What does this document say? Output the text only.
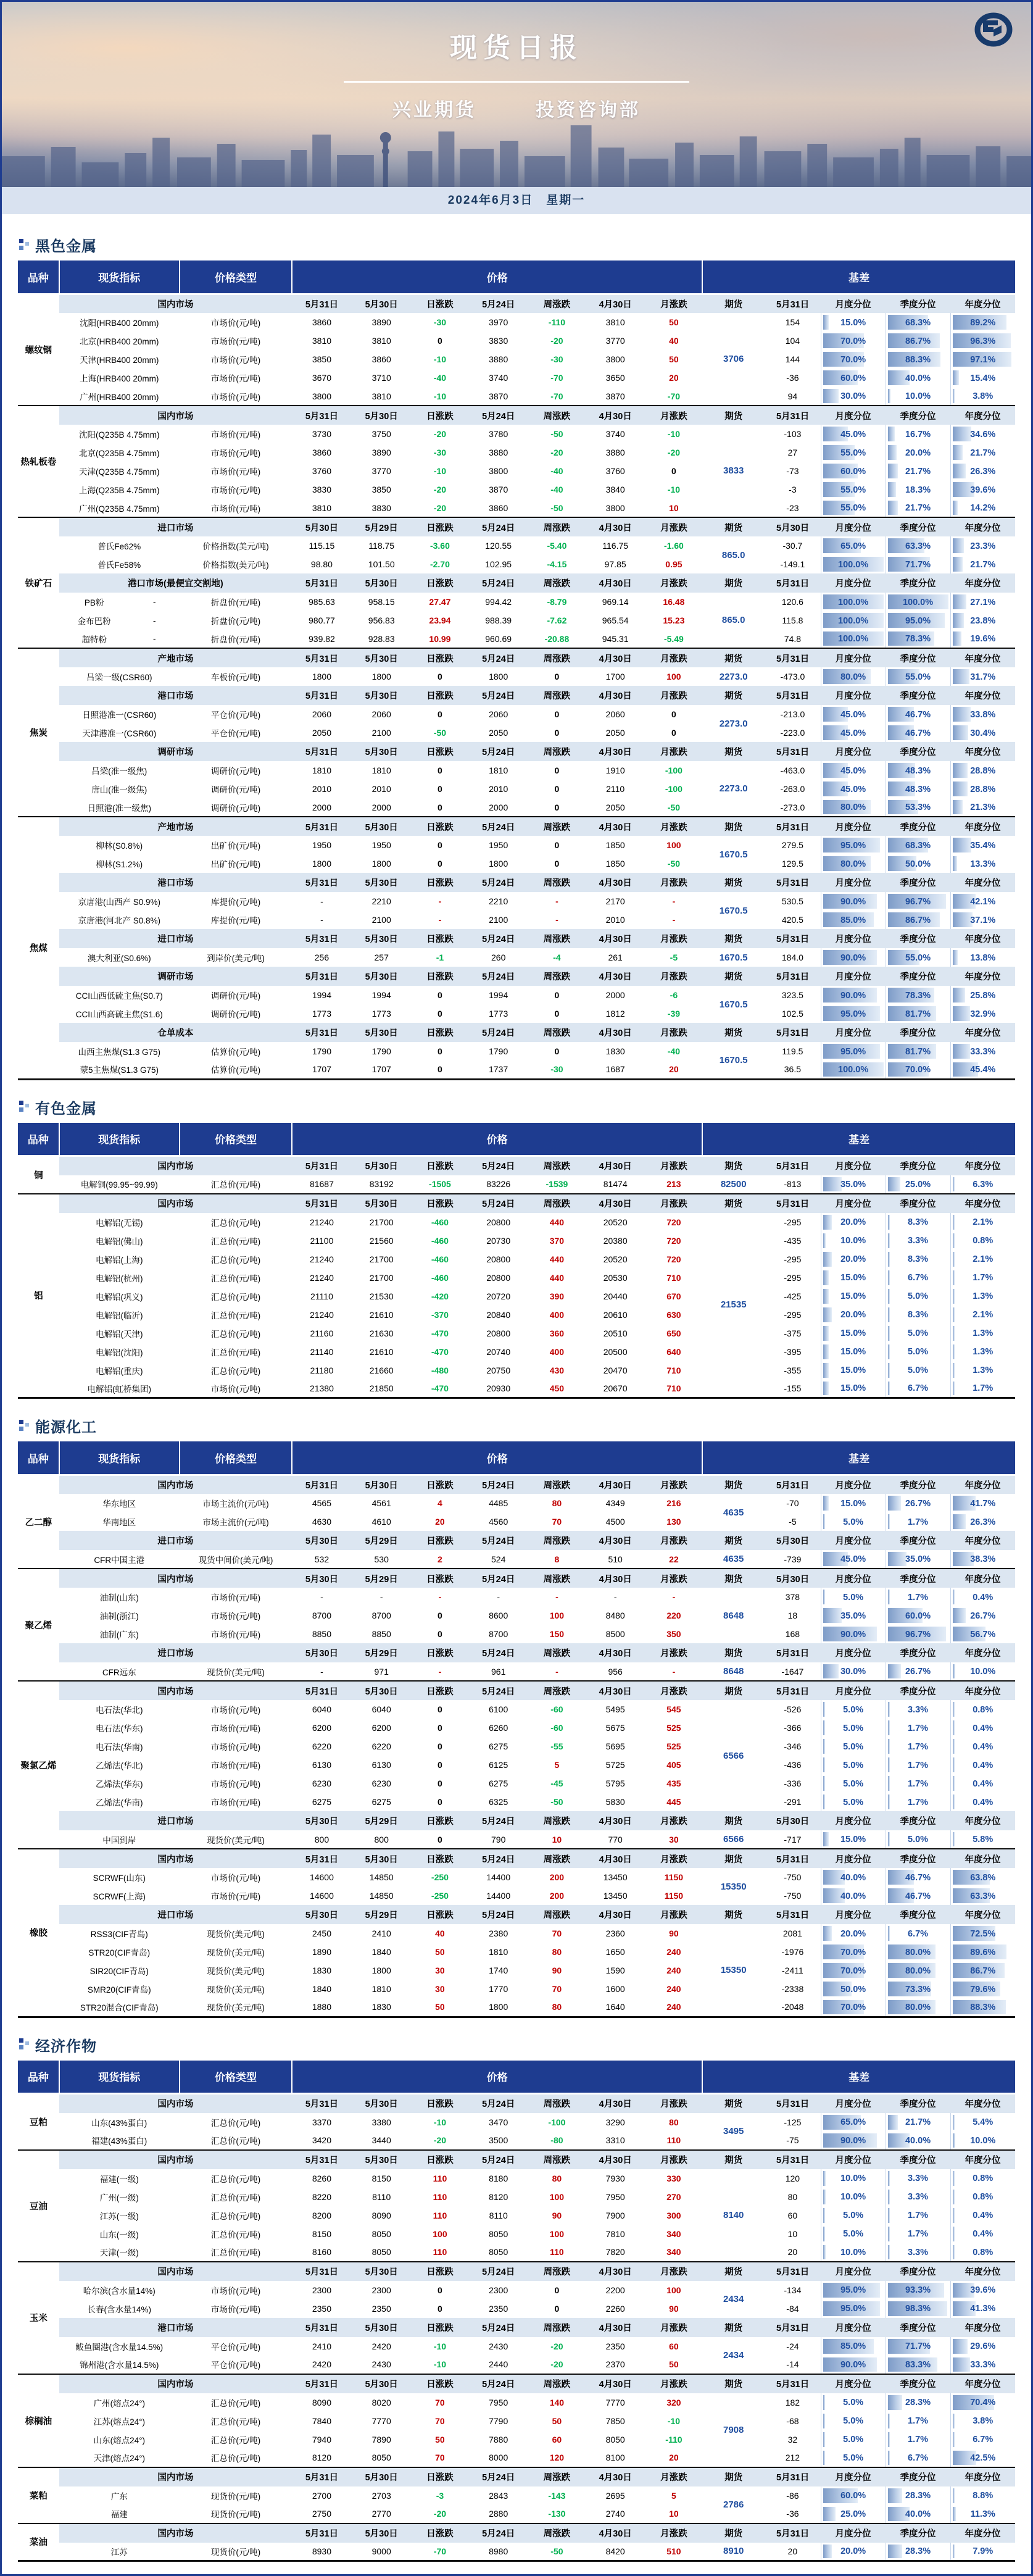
现货日报
兴业期货	投资咨询部
2024年6月3日　星期一
黑色金属
品种	现货指标	价格类型	价格							基差				
螺纹钢	国内市场		5月31日	5月30日	日涨跌	5月24日	周涨跌	4月30日	月涨跌	期货	5月31日	月度分位	季度分位	年度分位
	沈阳(HRB400 20mm)	市场价(元/吨)	3860	3890	-30	3970	-110	3810	50	3706	154	15.0%	68.3%	89.2%
	北京(HRB400 20mm)	市场价(元/吨)	3810	3810	0	3830	-20	3770	40		104	70.0%	86.7%	96.3%
	天津(HRB400 20mm)	市场价(元/吨)	3850	3860	-10	3880	-30	3800	50		144	70.0%	88.3%	97.1%
	上海(HRB400 20mm)	市场价(元/吨)	3670	3710	-40	3740	-70	3650	20		-36	60.0%	40.0%	15.4%
	广州(HRB400 20mm)	市场价(元/吨)	3800	3810	-10	3870	-70	3870	-70		94	30.0%	10.0%	3.8%
热轧板卷	国内市场		5月31日	5月30日	日涨跌	5月24日	周涨跌	4月30日	月涨跌	期货	5月31日	月度分位	季度分位	年度分位
	沈阳(Q235B 4.75mm)	市场价(元/吨)	3730	3750	-20	3780	-50	3740	-10	3833	-103	45.0%	16.7%	34.6%
	北京(Q235B 4.75mm)	市场价(元/吨)	3860	3890	-30	3880	-20	3880	-20		27	55.0%	20.0%	21.7%
	天津(Q235B 4.75mm)	市场价(元/吨)	3760	3770	-10	3800	-40	3760	0		-73	60.0%	21.7%	26.3%
	上海(Q235B 4.75mm)	市场价(元/吨)	3830	3850	-20	3870	-40	3840	-10		-3	55.0%	18.3%	39.6%
	广州(Q235B 4.75mm)	市场价(元/吨)	3810	3830	-20	3860	-50	3800	10		-23	55.0%	21.7%	14.2%
铁矿石	进口市场		5月30日	5月29日	日涨跌	5月24日	周涨跌	4月30日	月涨跌	期货	5月30日	月度分位	季度分位	年度分位
	普氏Fe62%	价格指数(美元/吨)	115.15	118.75	-3.60	120.55	-5.40	116.75	-1.60	865.0	-30.7	65.0%	63.3%	23.3%
	普氏Fe58%	价格指数(美元/吨)	98.80	101.50	-2.70	102.95	-4.15	97.85	0.95		-149.1	100.0%	71.7%	21.7%
	港口市场(最便宜交割地)		5月31日	5月30日	日涨跌	5月24日	周涨跌	4月30日	月涨跌	期货	5月31日	月度分位	季度分位	年度分位

	PB粉 -	折盘价(元/吨)	985.63	958.15	27.47	994.42	-8.79	969.14	16.48	865.0	120.6	100.0%	100.0%	27.1%

	金布巴粉 -	折盘价(元/吨)	980.77	956.83	23.94	988.39	-7.62	965.54	15.23		115.8	100.0%	95.0%	23.8%

	超特粉 -	折盘价(元/吨)	939.82	928.83	10.99	960.69	-20.88	945.31	-5.49		74.8	100.0%	78.3%	19.6%
焦炭	产地市场		5月31日	5月30日	日涨跌	5月24日	周涨跌	4月30日	月涨跌	期货	5月31日	月度分位	季度分位	年度分位
	吕梁一级(CSR60)	车板价(元/吨)	1800	1800	0	1800	0	1700	100	2273.0	-473.0	80.0%	55.0%	31.7%
	港口市场		5月31日	5月30日	日涨跌	5月24日	周涨跌	4月30日	月涨跌	期货	5月31日	月度分位	季度分位	年度分位
	日照港准一(CSR60)	平仓价(元/吨)	2060	2060	0	2060	0	2060	0	2273.0	-213.0	45.0%	46.7%	33.8%
	天津港准一(CSR60)	平仓价(元/吨)	2050	2100	-50	2050	0	2050	0		-223.0	45.0%	46.7%	30.4%
	调研市场		5月31日	5月30日	日涨跌	5月24日	周涨跌	4月30日	月涨跌	期货	5月31日	月度分位	季度分位	年度分位
	吕梁(准一级焦)	调研价(元/吨)	1810	1810	0	1810	0	1910	-100	2273.0	-463.0	45.0%	48.3%	28.8%
	唐山(准一级焦)	调研价(元/吨)	2010	2010	0	2010	0	2110	-100		-263.0	45.0%	48.3%	28.8%
	日照港(准一级焦)	调研价(元/吨)	2000	2000	0	2000	0	2050	-50		-273.0	80.0%	53.3%	21.3%
焦煤	产地市场		5月31日	5月30日	日涨跌	5月24日	周涨跌	4月30日	月涨跌	期货	5月31日	月度分位	季度分位	年度分位
	柳林(S0.8%)	出矿价(元/吨)	1950	1950	0	1950	0	1850	100	1670.5	279.5	95.0%	68.3%	35.4%
	柳林(S1.2%)	出矿价(元/吨)	1800	1800	0	1800	0	1850	-50		129.5	80.0%	50.0%	13.3%
	港口市场		5月31日	5月30日	日涨跌	5月24日	周涨跌	4月30日	月涨跌	期货	5月31日	月度分位	季度分位	年度分位
	京唐港(山西产 S0.9%)	库提价(元/吨)	-	2210	-	2210	-	2170	-	1670.5	530.5	90.0%	96.7%	42.1%
	京唐港(河北产 S0.8%)	库提价(元/吨)	-	2100	-	2100	-	2010	-		420.5	85.0%	86.7%	37.1%
	进口市场		5月31日	5月30日	日涨跌	5月24日	周涨跌	4月30日	月涨跌	期货	5月31日	月度分位	季度分位	年度分位
	澳大利亚(S0.6%)	到岸价(美元/吨)	256	257	-1	260	-4	261	-5	1670.5	184.0	90.0%	55.0%	13.8%
	调研市场		5月31日	5月30日	日涨跌	5月24日	周涨跌	4月30日	月涨跌	期货	5月31日	月度分位	季度分位	年度分位
	CCI山西低硫主焦(S0.7)	调研价(元/吨)	1994	1994	0	1994	0	2000	-6	1670.5	323.5	90.0%	78.3%	25.8%
	CCI山西高硫主焦(S1.6)	调研价(元/吨)	1773	1773	0	1773	0	1812	-39		102.5	95.0%	81.7%	32.9%
	仓单成本		5月31日	5月30日	日涨跌	5月24日	周涨跌	4月30日	月涨跌	期货	5月31日	月度分位	季度分位	年度分位
	山西主焦煤(S1.3 G75)	估算价(元/吨)	1790	1790	0	1790	0	1830	-40	1670.5	119.5	95.0%	81.7%	33.3%
	蒙5主焦煤(S1.3 G75)	估算价(元/吨)	1707	1707	0	1737	-30	1687	20		36.5	100.0%	70.0%	45.4%
有色金属
品种	现货指标	价格类型	价格							基差				
铜	国内市场		5月31日	5月30日	日涨跌	5月24日	周涨跌	4月30日	月涨跌	期货	5月31日	月度分位	季度分位	年度分位
	电解铜(99.95~99.99)	汇总价(元/吨)	81687	83192	-1505	83226	-1539	81474	213	82500	-813	35.0%	25.0%	6.3%
铝	国内市场		5月31日	5月30日	日涨跌	5月24日	周涨跌	4月30日	月涨跌	期货	5月31日	月度分位	季度分位	年度分位
	电解铝(无锡)	汇总价(元/吨)	21240	21700	-460	20800	440	20520	720	21535	-295	20.0%	8.3%	2.1%
	电解铝(佛山)	汇总价(元/吨)	21100	21560	-460	20730	370	20380	720		-435	10.0%	3.3%	0.8%
	电解铝(上海)	汇总价(元/吨)	21240	21700	-460	20800	440	20520	720		-295	20.0%	8.3%	2.1%
	电解铝(杭州)	汇总价(元/吨)	21240	21700	-460	20800	440	20530	710		-295	15.0%	6.7%	1.7%
	电解铝(巩义)	汇总价(元/吨)	21110	21530	-420	20720	390	20440	670		-425	15.0%	5.0%	1.3%
	电解铝(临沂)	汇总价(元/吨)	21240	21610	-370	20840	400	20610	630		-295	20.0%	8.3%	2.1%
	电解铝(天津)	汇总价(元/吨)	21160	21630	-470	20800	360	20510	650		-375	15.0%	5.0%	1.3%
	电解铝(沈阳)	汇总价(元/吨)	21140	21610	-470	20740	400	20500	640		-395	15.0%	5.0%	1.3%
	电解铝(重庆)	汇总价(元/吨)	21180	21660	-480	20750	430	20470	710		-355	15.0%	5.0%	1.3%
	电解铝(虹桥集团)	市场价(元/吨)	21380	21850	-470	20930	450	20670	710		-155	15.0%	6.7%	1.7%
能源化工
品种	现货指标	价格类型	价格							基差				
乙二醇	国内市场		5月31日	5月30日	日涨跌	5月24日	周涨跌	4月30日	月涨跌	期货	5月31日	月度分位	季度分位	年度分位
	华东地区	市场主流价(元/吨)	4565	4561	4	4485	80	4349	216	4635	-70	15.0%	26.7%	41.7%
	华南地区	市场主流价(元/吨)	4630	4610	20	4560	70	4500	130		-5	5.0%	1.7%	26.3%
	进口市场		5月30日	5月29日	日涨跌	5月24日	周涨跌	4月30日	月涨跌	期货	5月30日	月度分位	季度分位	年度分位
	CFR中国主港	现货中间价(美元/吨)	532	530	2	524	8	510	22	4635	-739	45.0%	35.0%	38.3%
聚乙烯	国内市场		5月30日	5月29日	日涨跌	5月24日	周涨跌	4月30日	月涨跌	期货	5月30日	月度分位	季度分位	年度分位
	油制(山东)	市场价(元/吨)	-	-	-	-	-	-	-	8648	378	5.0%	1.7%	0.4%
	油制(浙江)	市场价(元/吨)	8700	8700	0	8600	100	8480	220		18	35.0%	60.0%	26.7%
	油制(广东)	市场价(元/吨)	8850	8850	0	8700	150	8500	350		168	90.0%	96.7%	56.7%
	进口市场		5月30日	5月29日	日涨跌	5月24日	周涨跌	4月30日	月涨跌	期货	5月31日	月度分位	季度分位	年度分位
	CFR远东	现货价(美元/吨)	-	971	-	961	-	956	-	8648	-1647	30.0%	26.7%	10.0%
聚氯乙烯	国内市场		5月31日	5月30日	日涨跌	5月24日	周涨跌	4月30日	月涨跌	期货	5月31日	月度分位	季度分位	年度分位
	电石法(华北)	市场价(元/吨)	6040	6040	0	6100	-60	5495	545	6566	-526	5.0%	3.3%	0.8%
	电石法(华东)	市场价(元/吨)	6200	6200	0	6260	-60	5675	525		-366	5.0%	1.7%	0.4%
	电石法(华南)	市场价(元/吨)	6220	6220	0	6275	-55	5695	525		-346	5.0%	1.7%	0.4%
	乙烯法(华北)	市场价(元/吨)	6130	6130	0	6125	5	5725	405		-436	5.0%	1.7%	0.4%
	乙烯法(华东)	市场价(元/吨)	6230	6230	0	6275	-45	5795	435		-336	5.0%	1.7%	0.4%
	乙烯法(华南)	市场价(元/吨)	6275	6275	0	6325	-50	5830	445		-291	5.0%	1.7%	0.4%
	进口市场		5月30日	5月29日	日涨跌	5月24日	周涨跌	4月30日	月涨跌	期货	5月30日	月度分位	季度分位	年度分位
	中国到岸	现货价(美元/吨)	800	800	0	790	10	770	30	6566	-717	15.0%	5.0%	5.8%
橡胶	国内市场		5月31日	5月30日	日涨跌	5月24日	周涨跌	4月30日	月涨跌	期货	5月31日	月度分位	季度分位	年度分位
	SCRWF(山东)	市场价(元/吨)	14600	14850	-250	14400	200	13450	1150	15350	-750	40.0%	46.7%	63.8%
	SCRWF(上海)	市场价(元/吨)	14600	14850	-250	14400	200	13450	1150		-750	40.0%	46.7%	63.3%
	进口市场		5月30日	5月29日	日涨跌	5月24日	周涨跌	4月30日	月涨跌	期货	5月31日	月度分位	季度分位	年度分位
	RSS3(CIF青岛)	现货价(美元/吨)	2450	2410	40	2380	70	2360	90	15350	2081	20.0%	6.7%	72.5%
	STR20(CIF青岛)	现货价(美元/吨)	1890	1840	50	1810	80	1650	240		-1976	70.0%	80.0%	89.6%
	SIR20(CIF青岛)	现货价(美元/吨)	1830	1800	30	1740	90	1590	240		-2411	70.0%	80.0%	86.7%
	SMR20(CIF青岛)	现货价(美元/吨)	1840	1810	30	1770	70	1600	240		-2338	50.0%	73.3%	79.6%
	STR20混合(CIF青岛)	现货价(美元/吨)	1880	1830	50	1800	80	1640	240		-2048	70.0%	80.0%	88.3%
经济作物
品种	现货指标	价格类型	价格							基差				
豆粕	国内市场		5月31日	5月30日	日涨跌	5月24日	周涨跌	4月30日	月涨跌	期货	5月31日	月度分位	季度分位	年度分位
	山东(43%蛋白)	汇总价(元/吨)	3370	3380	-10	3470	-100	3290	80	3495	-125	65.0%	21.7%	5.4%
	福建(43%蛋白)	汇总价(元/吨)	3420	3440	-20	3500	-80	3310	110		-75	90.0%	40.0%	10.0%
豆油	国内市场		5月31日	5月30日	日涨跌	5月24日	周涨跌	4月30日	月涨跌	期货	5月31日	月度分位	季度分位	年度分位
	福建(一级)	汇总价(元/吨)	8260	8150	110	8180	80	7930	330	8140	120	10.0%	3.3%	0.8%
	广州(一级)	汇总价(元/吨)	8220	8110	110	8120	100	7950	270		80	10.0%	3.3%	0.8%
	江苏(一级)	汇总价(元/吨)	8200	8090	110	8110	90	7900	300		60	5.0%	1.7%	0.4%
	山东(一级)	汇总价(元/吨)	8150	8050	100	8050	100	7810	340		10	5.0%	1.7%	0.4%
	天津(一级)	汇总价(元/吨)	8160	8050	110	8050	110	7820	340		20	10.0%	3.3%	0.8%
玉米	国内市场		5月31日	5月30日	日涨跌	5月24日	周涨跌	4月30日	月涨跌	期货	5月31日	月度分位	季度分位	年度分位
	哈尔滨(含水量14%)	市场价(元/吨)	2300	2300	0	2300	0	2200	100	2434	-134	95.0%	93.3%	39.6%
	长春(含水量14%)	市场价(元/吨)	2350	2350	0	2350	0	2260	90		-84	95.0%	98.3%	41.3%
	港口市场		5月31日	5月30日	日涨跌	5月24日	周涨跌	4月30日	月涨跌	期货	5月31日	月度分位	季度分位	年度分位
	鲅鱼圈港(含水量14.5%)	平仓价(元/吨)	2410	2420	-10	2430	-20	2350	60	2434	-24	85.0%	71.7%	29.6%
	锦州港(含水量14.5%)	平仓价(元/吨)	2420	2430	-10	2440	-20	2370	50		-14	90.0%	83.3%	33.3%
棕榈油	国内市场		5月31日	5月30日	日涨跌	5月24日	周涨跌	4月30日	月涨跌	期货	5月31日	月度分位	季度分位	年度分位
	广州(熔点24°)	汇总价(元/吨)	8090	8020	70	7950	140	7770	320	7908	182	5.0%	28.3%	70.4%
	江苏(熔点24°)	汇总价(元/吨)	7840	7770	70	7790	50	7850	-10		-68	5.0%	1.7%	3.8%
	山东(熔点24°)	汇总价(元/吨)	7940	7890	50	7880	60	8050	-110		32	5.0%	1.7%	6.7%
	天津(熔点24°)	汇总价(元/吨)	8120	8050	70	8000	120	8100	20		212	5.0%	6.7%	42.5%
菜粕	国内市场		5月31日	5月30日	日涨跌	5月24日	周涨跌	4月30日	月涨跌	期货	5月31日	月度分位	季度分位	年度分位
	广东	现货价(元/吨)	2700	2703	-3	2843	-143	2695	5	2786	-86	60.0%	28.3%	8.8%
	福建	现货价(元/吨)	2750	2770	-20	2880	-130	2740	10		-36	25.0%	40.0%	11.3%
菜油	国内市场		5月31日	5月30日	日涨跌	5月24日	周涨跌	4月30日	月涨跌	期货	5月31日	月度分位	季度分位	年度分位
	江苏	现货价(元/吨)	8930	9000	-70	8980	-50	8420	510	8910	20	20.0%	28.3%	7.9%
